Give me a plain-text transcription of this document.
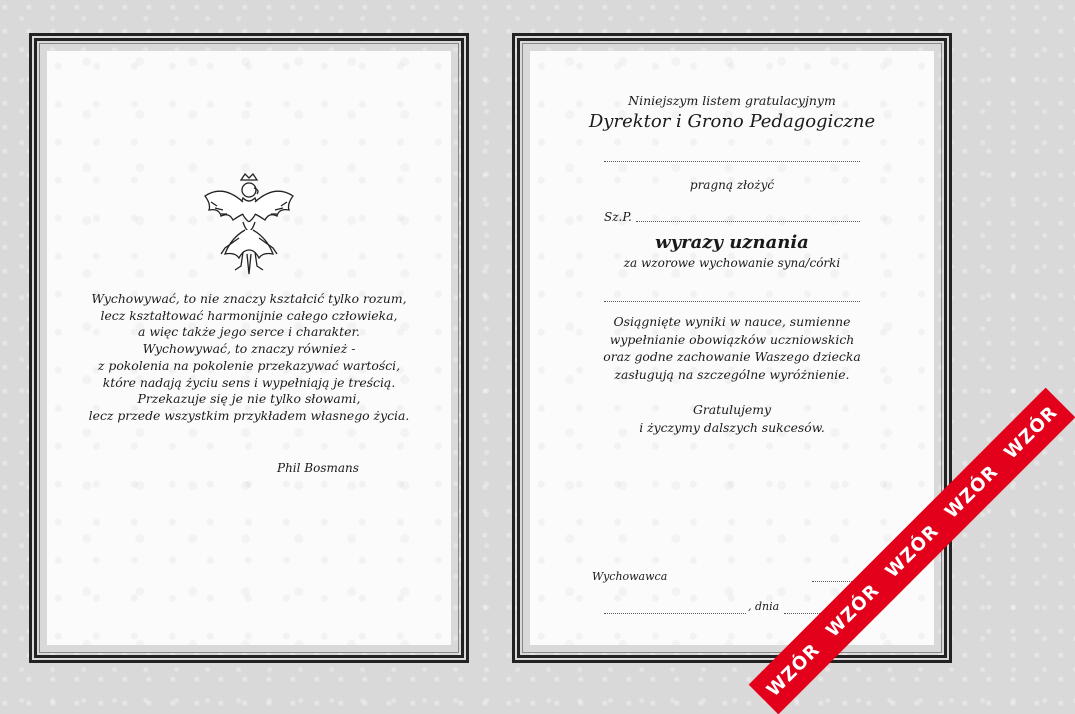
Wychowywać, to nie znaczy kształcić tylko rozum,
lecz kształtować harmonijnie całego człowieka,
a więc także jego serce i charakter.
Wychowywać, to znaczy również -
z pokolenia na pokolenie przekazywać wartości,
które nadają życiu sens i wypełniają je treścią.
Przekazuje się je nie tylko słowami,
lecz przede wszystkim przykładem własnego życia.
Phil Bosmans
Niniejszym listem gratulacyjnym
Dyrektor i Grono Pedagogiczne
pragną złożyć
Sz.P.
wyrazy uznania
za wzorowe wychowanie syna/córki
Osiągnięte wyniki w nauce, sumienne
wypełnianie obowiązków uczniowskich
oraz godne zachowanie Waszego dziecka
zasługują na szczególne wyróżnienie.
Gratulujemy
i życzymy dalszych sukcesów.
Wychowawca
, dnia
WZÓR
WZÓR
WZÓR
WZÓR
WZÓR
